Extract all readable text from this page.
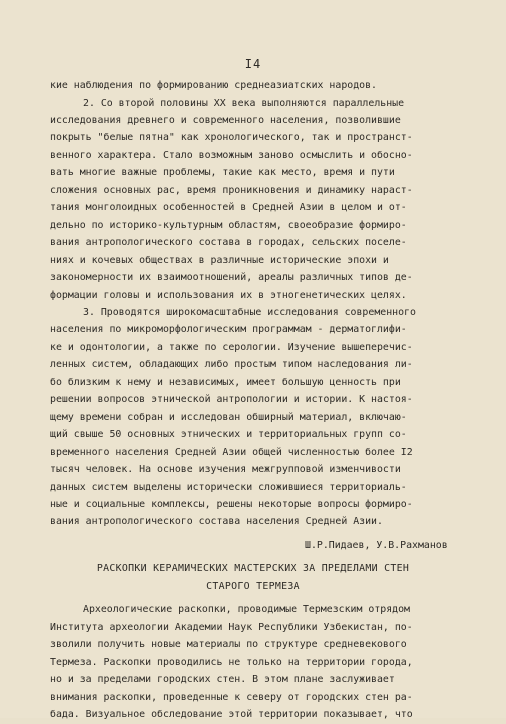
I4
кие наблюдения по формированию среднеазиатских народов.
2. Со второй половины XX века выполняются параллельные
исследования древнего и современного населения, позволившие
покрыть "белые пятна" как хронологического, так и пространст-
венного характера. Стало возможным заново осмыслить и обосно-
вать многие важные проблемы, такие как место, время и пути
сложения основных рас, время проникновения и динамику нараст-
тания монголоидных особенностей в Средней Азии в целом и от-
дельно по историко-культурным областям, своеобразие формиро-
вания антропологического состава в городах, сельских поселе-
ниях и кочевых обществах в различные исторические эпохи и
закономерности их взаимоотношений, ареалы различных типов де-
формации головы и использования их в этногенетических целях.
3. Проводятся широкомасштабные исследования современного
населения по микроморфологическим программам - дерматоглифи-
ке и одонтологии, а также по серологии. Изучение вышеперечис-
ленных систем, обладающих либо простым типом наследования ли-
бо близким к нему и независимых, имеет большую ценность при
решении вопросов этнической антропологии и истории. К настоя-
щему времени собран и исследован обширный материал, включаю-
щий свыше 50 основных этнических и территориальных групп со-
временного населения Средней Азии общей численностью более I2
тысяч человек. На основе изучения межгрупповой изменчивости
данных систем выделены исторически сложившиеся территориаль-
ные и социальные комплексы, решены некоторые вопросы формиро-
вания антропологического состава населения Средней Азии.
Ш.Р.Пидаев, У.В.Рахманов
РАСКОПКИ КЕРАМИЧЕСКИХ МАСТЕРСКИХ ЗА ПРЕДЕЛАМИ СТЕН
СТАРОГО ТЕРМЕЗА
Археологические раскопки, проводимые Термезским отрядом
Института археологии Академии Наук Республики Узбекистан, по-
зволили получить новые материалы по структуре средневекового
Термеза. Раскопки проводились не только на территории города,
но и за пределами городских стен. В этом плане заслуживает
внимания раскопки, проведенные к северу от городских стен ра-
бада. Визуальное обследование этой территории показывает, что
